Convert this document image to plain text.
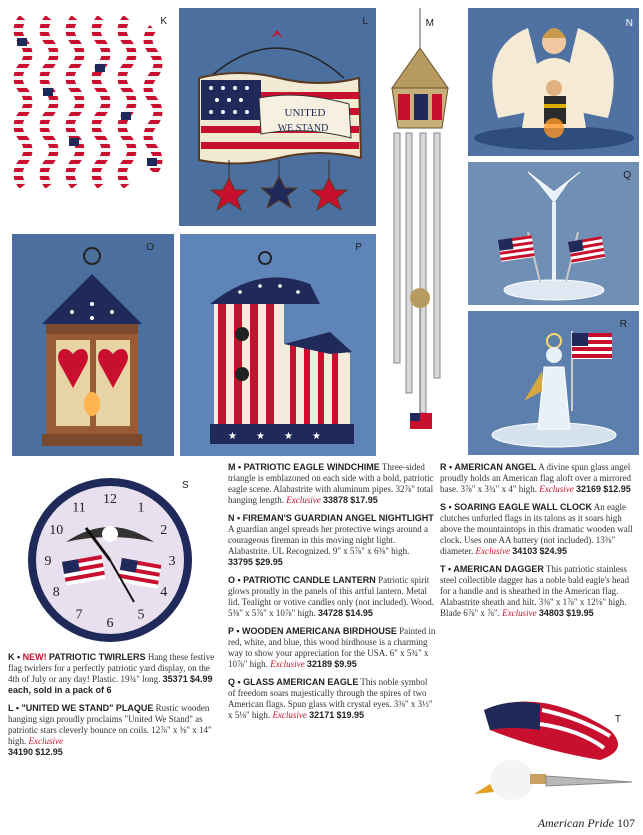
K
UNITED
WE STAND
L	M	N
Q
O
★ ★ ★ ★
P
R
12
1
2
3
4
5
6
7
8
9
10
11
S
T

K • NEW! PATRIOTIC TWIRLERS Hang these festive flag twirlers for a perfectly patriotic yard display, on the 4th of July or any day! Plastic. 19¾" long. 35371 $4.99 each, sold in a pack of 6

L • "UNITED WE STAND" PLAQUE Rustic wooden hanging sign proudly proclaims "United We Stand" as patriotic stars cleverly bounce on coils. 12⅞" x ⅜" x 14" high. Exclusive
34190 $12.95

M • PATRIOTIC EAGLE WINDCHIME Three-sided triangle is emblazoned on each side with a bold, patriotic eagle scene. Alabastrite with aluminum pipes. 32⅞" total hanging length. Exclusive 33878 $17.95

N • FIREMAN'S GUARDIAN ANGEL NIGHTLIGHT A guardian angel spreads her protective wings around a courageous fireman in this moving night light. Alabastrite. UL Recognized. 9" x 5⅞" x 6⅜" high. 33795 $29.95

O • PATRIOTIC CANDLE LANTERN Patriotic spirit glows proudly in the panels of this artful lantern. Metal lid. Tealight or votive candles only (not included). Wood. 5⅜" x 5⅞" x 10⅞" high. 34728 $14.95

P • WOODEN AMERICANA BIRDHOUSE Painted in red, white, and blue, this wood birdhouse is a charming way to show your appreciation for the USA. 6" x 5¾" x 10⅞" high. Exclusive 32189 $9.95

Q • GLASS AMERICAN EAGLE This noble symbol of freedom soars majestically through the spires of two American flags. Spun glass with crystal eyes. 3⅜" x 3½" x 5⅛" high. Exclusive 32171 $19.95

R • AMERICAN ANGEL A divine spun glass angel proudly holds an American flag aloft over a mirrored base. 3⅞" x 3¾" x 4" high. Exclusive 32169 $12.95

S • SOARING EAGLE WALL CLOCK An eagle clutches unfurled flags in its talons as it soars high above the mountaintops in this dramatic wooden wall clock. Uses one AA battery (not included). 13⅜" diameter. Exclusive 34103 $24.95

T • AMERICAN DAGGER This patriotic stainless steel collectible dagger has a noble bald eagle's head for a handle and is sheathed in the American flag. Alabastrite sheath and hilt. 3⅜" x 1⅞" x 12⅛" high. Blade 6⅞" x ⅞". Exclusive 34803 $19.95

American Pride 107
